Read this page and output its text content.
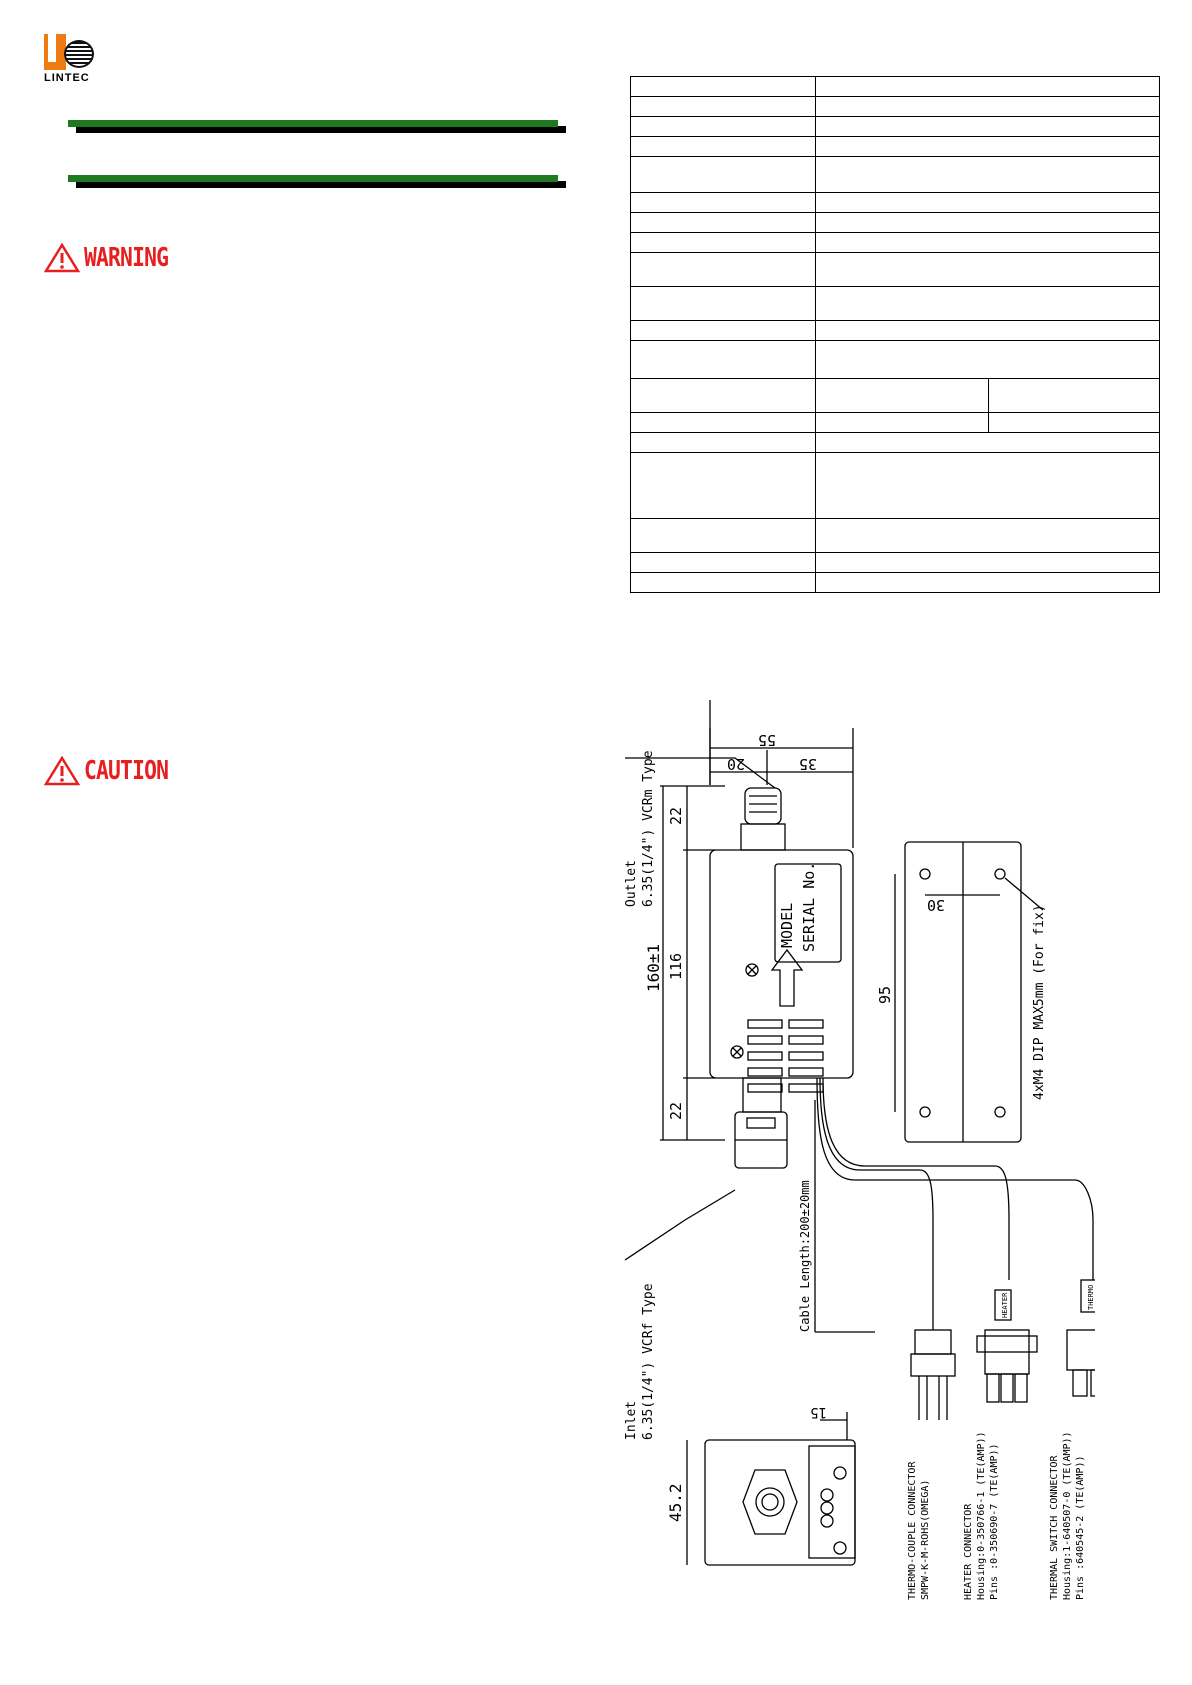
LINTEC
WARNING
CAUTION

55
20	35
22
116
22
160±1
MODEL SERIAL No.
Outlet 6.35(1/4") VCRm Type
Inlet 6.35(1/4") VCRf Type
Cable Length:200±20mm	HEATER	THERMO
THERMO-COUPLE CONNECTOR SMPW-K-M-ROHS(OMEGA)	HEATER CONNECTOR Housing:0-350766-1 (TE(AMP)) Pins :0-350690-7 (TE(AMP))	THERMAL SWITCH CONNECTOR Housing:1-640507-0 (TE(AMP)) Pins :640545-2 (TE(AMP))
95
30	4xM4 DIP MAX5mm (For fix)
15
45.2
